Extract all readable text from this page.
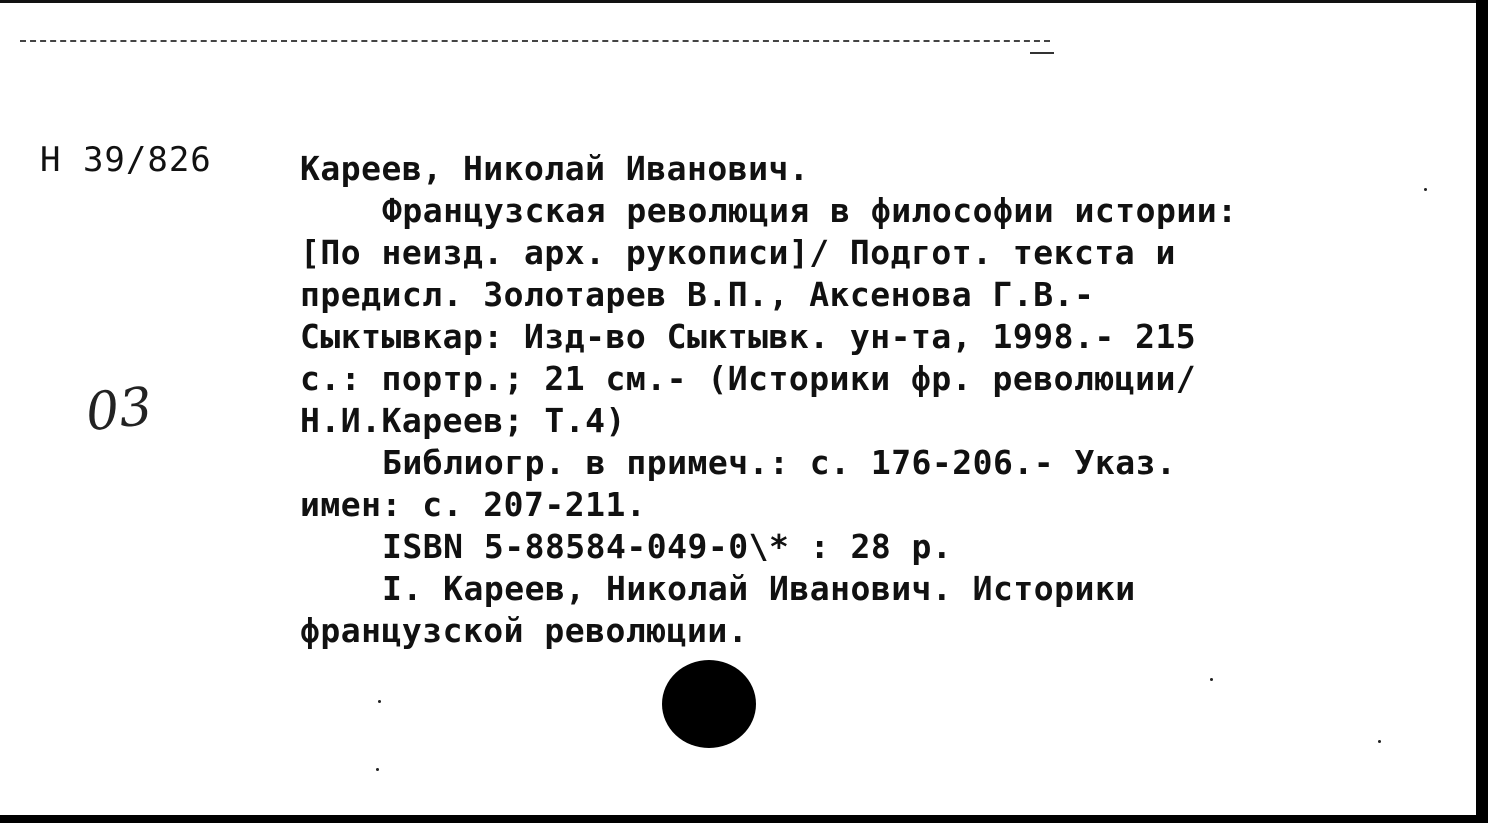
Н 39/826
03
Кареев, Николай Иванович.
Французская революция в философии истории:
[По неизд. арх. рукописи]/ Подгот. текста и
предисл. Золотарев В.П., Аксенова Г.В.-
Сыктывкар: Изд-во Сыктывк. ун-та, 1998.- 215
с.: портр.; 21 см.- (Историки фр. революции/
Н.И.Кареев; Т.4)
Библиогр. в примеч.: с. 176-206.- Указ.
имен: с. 207-211.
ISBN 5-88584-049-0\* : 28 р.
I. Кареев, Николай Иванович. Историки
французской революции.
